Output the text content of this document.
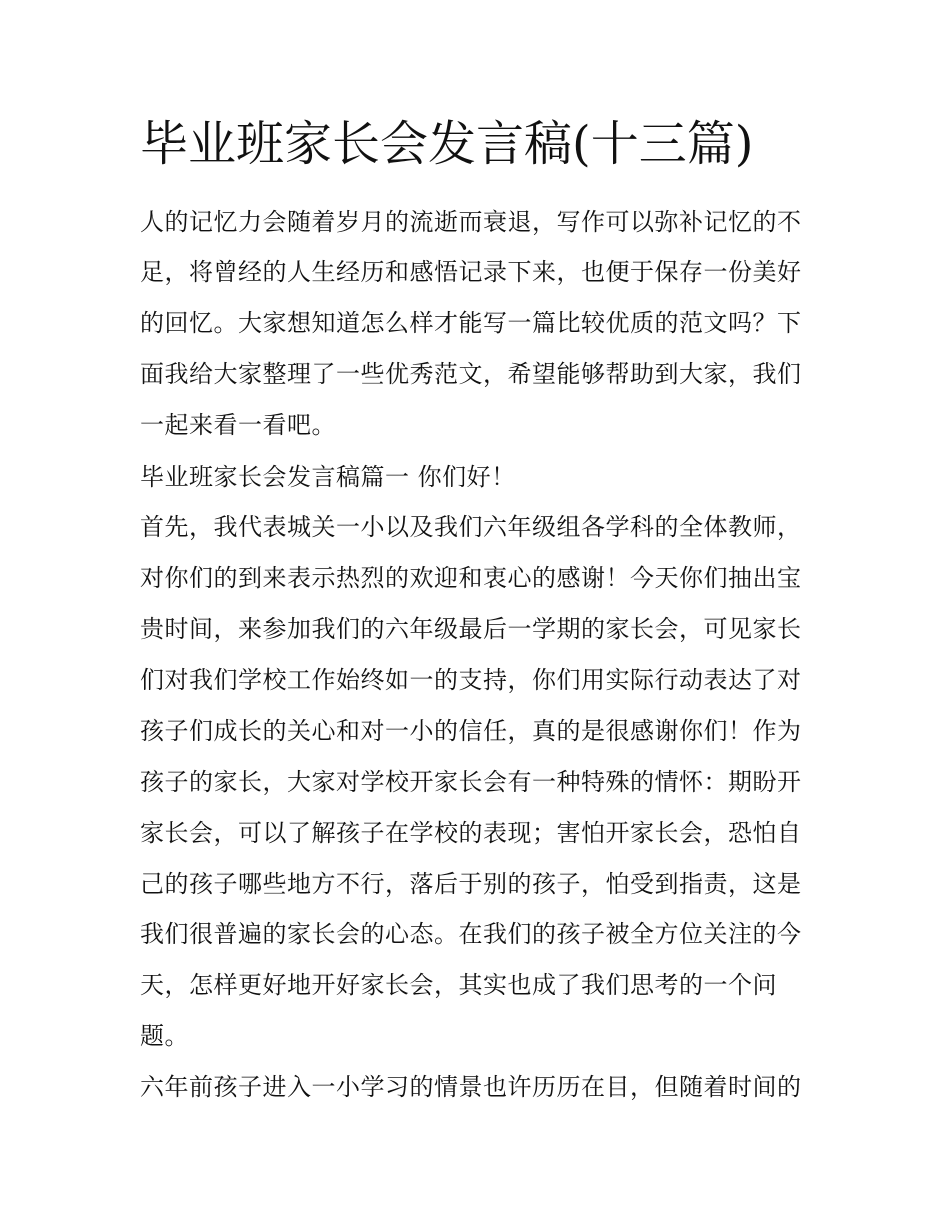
毕业班家长会发言稿(十三篇)

人的记忆力会随着岁月的流逝而衰退，写作可以弥补记忆的不

足，将曾经的人生经历和感悟记录下来，也便于保存一份美好

的回忆。大家想知道怎么样才能写一篇比较优质的范文吗？下

面我给大家整理了一些优秀范文，希望能够帮助到大家，我们

一起来看一看吧。

毕业班家长会发言稿篇一 你们好！

首先，我代表城关一小以及我们六年级组各学科的全体教师，

对你们的到来表示热烈的欢迎和衷心的感谢！今天你们抽出宝

贵时间，来参加我们的六年级最后一学期的家长会，可见家长

们对我们学校工作始终如一的支持，你们用实际行动表达了对

孩子们成长的关心和对一小的信任，真的是很感谢你们！作为

孩子的家长，大家对学校开家长会有一种特殊的情怀：期盼开

家长会，可以了解孩子在学校的表现；害怕开家长会，恐怕自

己的孩子哪些地方不行，落后于别的孩子，怕受到指责，这是

我们很普遍的家长会的心态。在我们的孩子被全方位关注的今

天，怎样更好地开好家长会，其实也成了我们思考的一个问

题。

六年前孩子进入一小学习的情景也许历历在目，但随着时间的
